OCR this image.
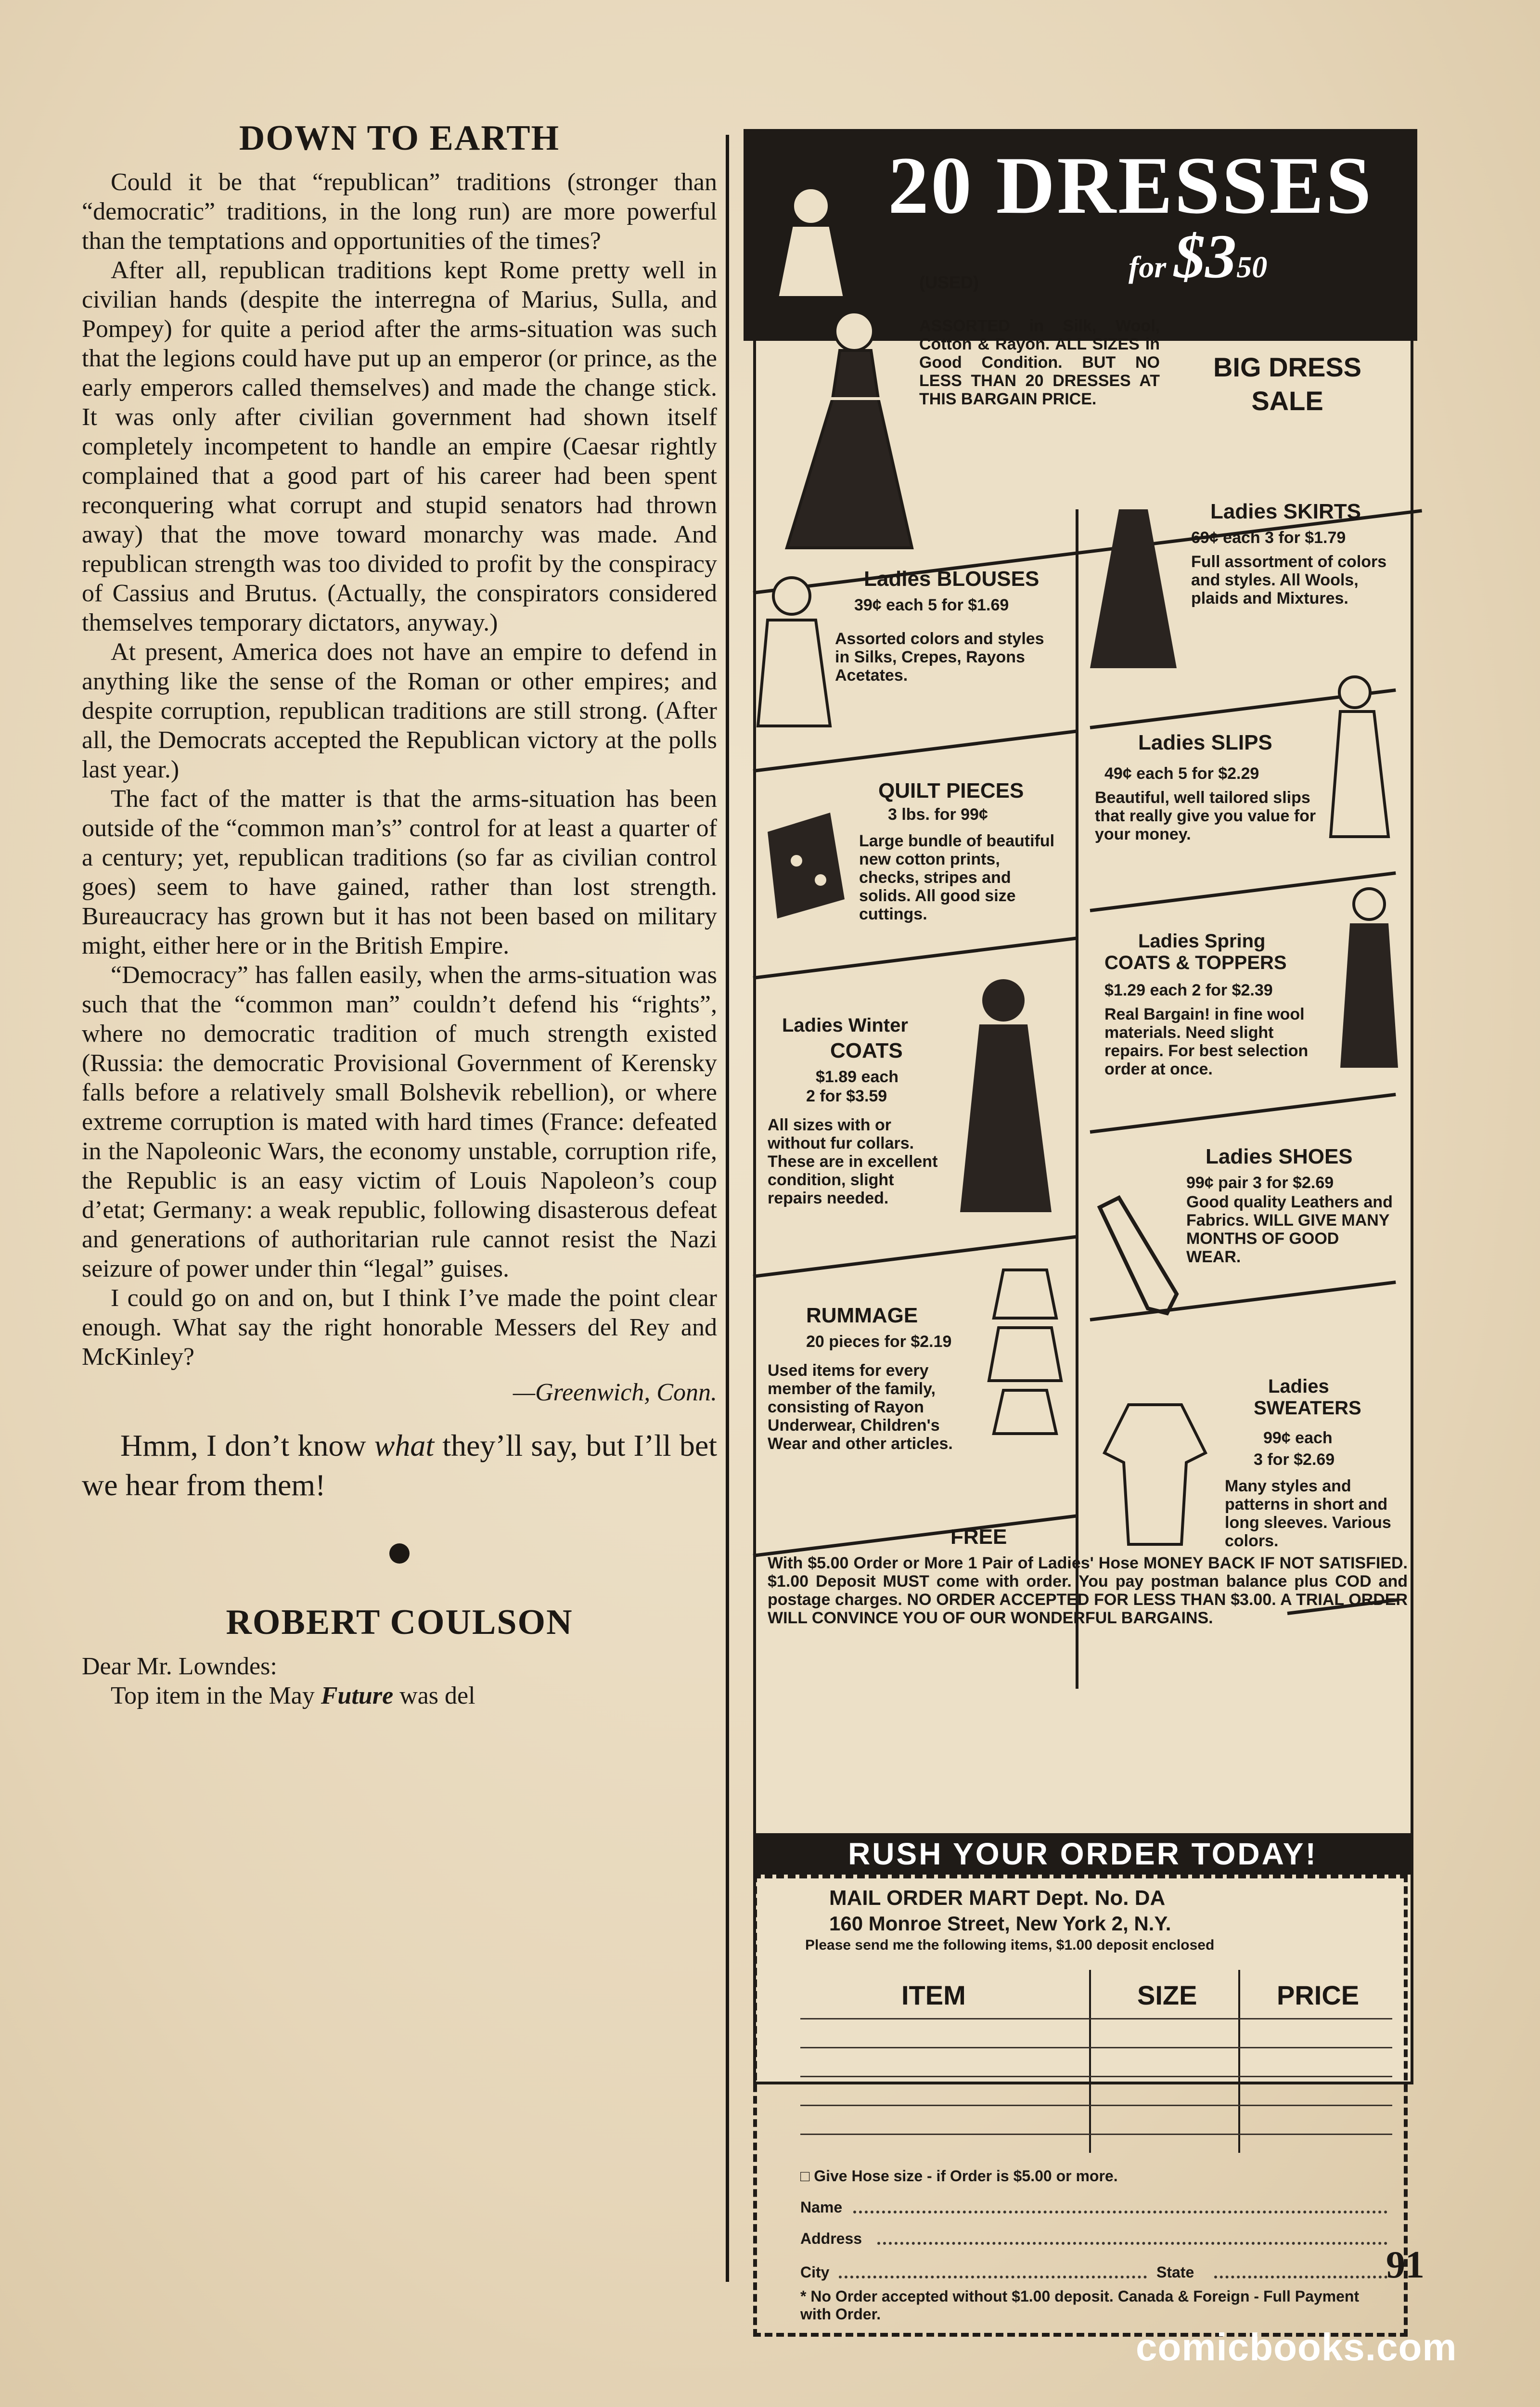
DOWN TO EARTH

Could it be that “republican” traditions (stronger than “democratic” traditions, in the long run) are more powerful than the temptations and opportunities of the times?

After all, republican traditions kept Rome pretty well in civilian hands (despite the interregna of Marius, Sulla, and Pompey) for quite a period after the arms-situation was such that the legions could have put up an emperor (or prince, as the early emperors called themselves) and made the change stick. It was only after civilian government had shown itself completely incompetent to handle an empire (Caesar rightly complained that a good part of his career had been spent reconquering what corrupt and stupid senators had thrown away) that the move toward monarchy was made. And republican strength was too divided to profit by the conspiracy of Cassius and Brutus. (Actually, the conspirators considered themselves temporary dictators, anyway.)

At present, America does not have an empire to defend in anything like the sense of the Roman or other empires; and despite corruption, republican traditions are still strong. (After all, the Democrats accepted the Republican victory at the polls last year.)

The fact of the matter is that the arms-situation has been outside of the “common man’s” control for at least a quarter of a century; yet, republican traditions (so far as civilian control goes) seem to have gained, rather than lost strength. Bureaucracy has grown but it has not been based on military might, either here or in the British Empire.

“Democracy” has fallen easily, when the arms-situation was such that the “common man” couldn’t defend his “rights”, where no democratic tradition of much strength existed (Russia: the democratic Provisional Government of Kerensky falls before a relatively small Bolshevik rebellion), or where extreme corruption is mated with hard times (France: defeated in the Napoleonic Wars, the economy unstable, corruption rife, the Republic is an easy victim of Louis Napoleon’s coup d’etat; Germany: a weak republic, following disasterous defeat and generations of authoritarian rule cannot resist the Nazi seizure of power under thin “legal” guises.

I could go on and on, but I think I’ve made the point clear enough. What say the right honorable Messers del Rey and McKinley?

—Greenwich, Conn.

Hmm, I don’t know what they’ll say, but I’ll bet we hear from them!

ROBERT COULSON

Dear Mr. Lowndes:

Top item in the May Future was del

20 DRESSES
for $350
(USED)
ASSORTED in Silk, Wool, Cotton & Rayon. ALL SIZES in Good Condition. BUT NO LESS THAN 20 DRESSES AT THIS BARGAIN PRICE.
BIG DRESS
SALE
Ladies SKIRTS
69¢ each 3 for $1.79
Full assortment of colors and styles. All Wools, plaids and Mixtures.
Ladies BLOUSES
39¢ each 5 for $1.69
Assorted colors and styles in Silks, Crepes, Rayons Acetates.
Ladies SLIPS
49¢ each 5 for $2.29
Beautiful, well tailored slips that really give you value for your money.
QUILT PIECES
3 lbs. for 99¢
Large bundle of beautiful new cotton prints, checks, stripes and solids. All good size cuttings.
Ladies Spring
COATS & TOPPERS
$1.29 each 2 for $2.39
Real Bargain! in fine wool materials. Need slight repairs. For best selection order at once.
Ladies Winter
COATS
$1.89 each
2 for $3.59
All sizes with or without fur collars. These are in excellent condition, slight repairs needed.
Ladies SHOES
99¢ pair 3 for $2.69
Good quality Leathers and Fabrics. WILL GIVE MANY MONTHS OF GOOD WEAR.
RUMMAGE
20 pieces for $2.19
Used items for every member of the family, consisting of Rayon Underwear, Children's Wear and other articles.
Ladies
SWEATERS
99¢ each
3 for $2.69
Many styles and patterns in short and long sleeves. Various colors.
FREE
With $5.00 Order or More 1 Pair of Ladies' Hose MONEY BACK IF NOT SATISFIED. $1.00 Deposit MUST come with order. You pay postman balance plus COD and postage charges. NO ORDER ACCEPTED FOR LESS THAN $3.00. A TRIAL ORDER WILL CONVINCE YOU OF OUR WONDERFUL BARGAINS.
RUSH YOUR ORDER TODAY!
MAIL ORDER MART Dept. No. DA
160 Monroe Street, New York 2, N.Y.
Please send me the following items, $1.00 deposit enclosed
ITEM	SIZE	PRICE
□ Give Hose size - if Order is $5.00 or more.
Name
Address
City	State
* No Order accepted without $1.00 deposit. Canada & Foreign - Full Payment with Order.
91
comicbooks.com
